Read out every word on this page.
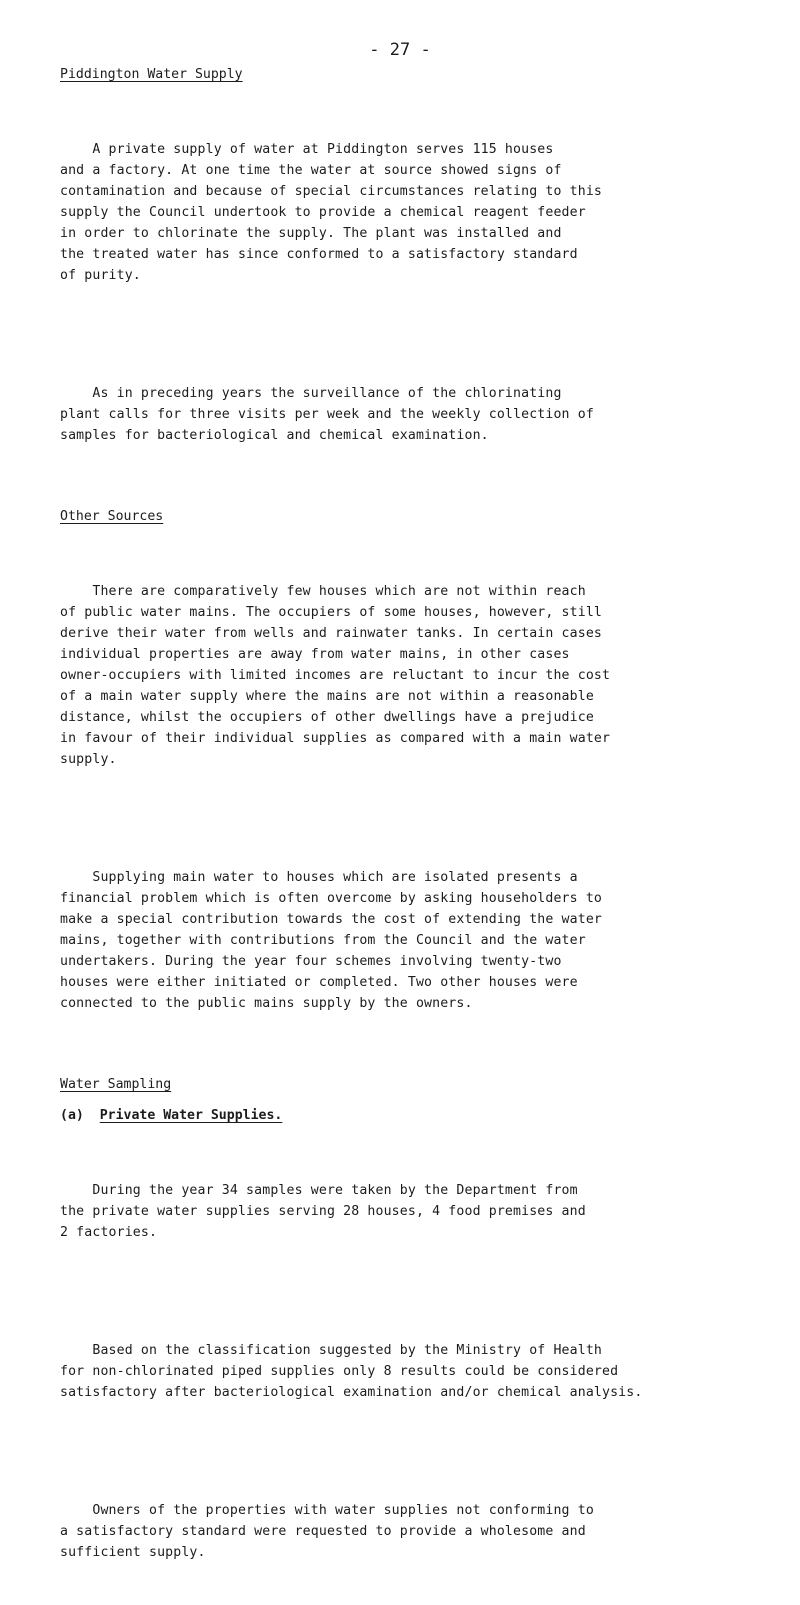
- 27 -
Piddington Water Supply

A private supply of water at Piddington serves 115 houses
and a factory. At one time the water at source showed signs of
contamination and because of special circumstances relating to this
supply the Council undertook to provide a chemical reagent feeder
in order to chlorinate the supply. The plant was installed and
the treated water has since conformed to a satisfactory standard
of purity.

As in preceding years the surveillance of the chlorinating
plant calls for three visits per week and the weekly collection of
samples for bacteriological and chemical examination.

Other Sources

There are comparatively few houses which are not within reach
of public water mains. The occupiers of some houses, however, still
derive their water from wells and rainwater tanks. In certain cases
individual properties are away from water mains, in other cases
owner-occupiers with limited incomes are reluctant to incur the cost
of a main water supply where the mains are not within a reasonable
distance, whilst the occupiers of other dwellings have a prejudice
in favour of their individual supplies as compared with a main water
supply.

Supplying main water to houses which are isolated presents a
financial problem which is often overcome by asking householders to
make a special contribution towards the cost of extending the water
mains, together with contributions from the Council and the water
undertakers. During the year four schemes involving twenty-two
houses were either initiated or completed. Two other houses were
connected to the public mains supply by the owners.

Water Sampling
(a) Private Water Supplies.

During the year 34 samples were taken by the Department from
the private water supplies serving 28 houses, 4 food premises and
2 factories.

Based on the classification suggested by the Ministry of Health
for non-chlorinated piped supplies only 8 results could be considered
satisfactory after bacteriological examination and/or chemical analysis.

Owners of the properties with water supplies not conforming to
a satisfactory standard were requested to provide a wholesome and
sufficient supply.
